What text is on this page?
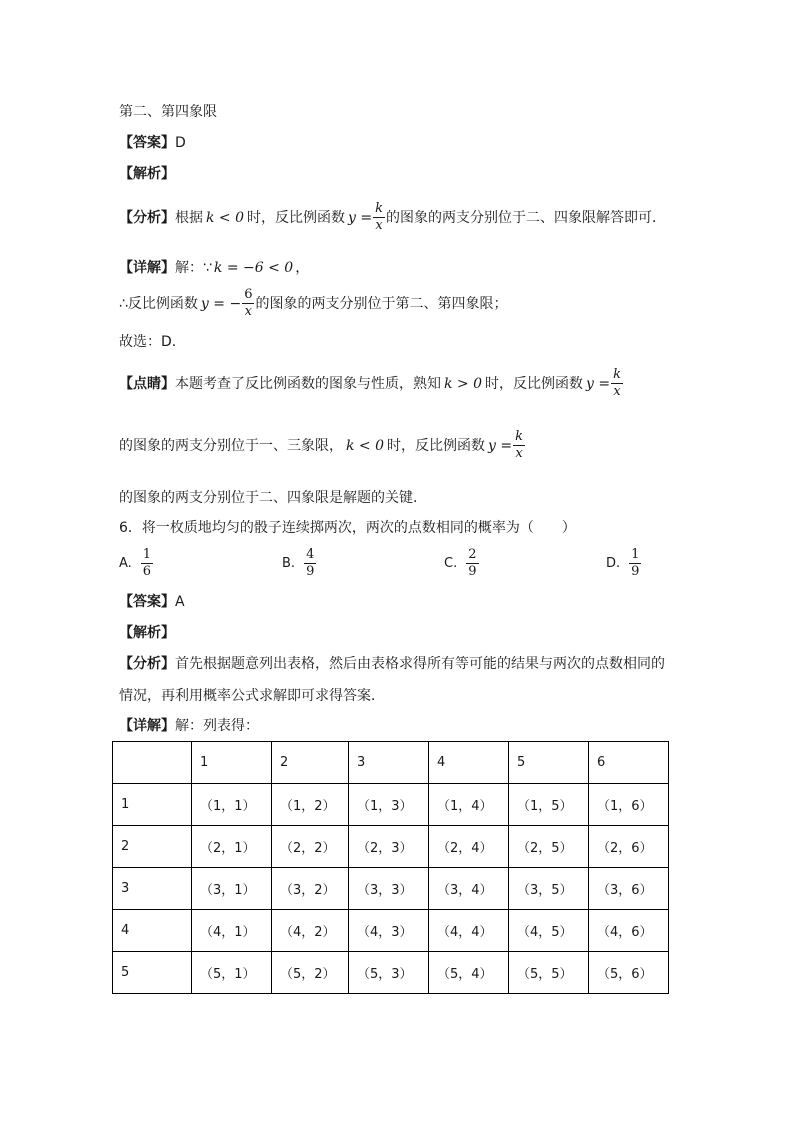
第二、第四象限
【答案】D
【解析】
【分析】 根据 k < 0 时，反比例函数 $y = \frac{k}{x}$ 的图象的两支分别位于二、四象限解答即可．
【详解】解：∵ k = −6 < 0 ，
∴反比例函数 y = − $\frac{6}{x}$ 的图象的两支分别位于第二、第四象限；
故选：D.
【点睛】 本题考查了反比例函数的图象与性质，熟知 k > 0 时，反比例函数 $y = \frac{k}{x}$
的图象的两支分别位于一、三象限， k < 0 时，反比例函数 $y = \frac{k}{x}$
的图象的两支分别位于二、四象限是解题的关键.
6．将一枚质地均匀的骰子连续掷两次，两次的点数相同的概率为（　　）
A. $\frac{1}{6}$	B. $\frac{4}{9}$	C. $\frac{2}{9}$	D. $\frac{1}{9}$
【答案】A
【解析】
【分析】首先根据题意列出表格，然后由表格求得所有等可能的结果与两次的点数相同的
情况，再利用概率公式求解即可求得答案．
【详解】解：列表得：
	1	2	3	4	5	6
1	（1，1）	（1，2）	（1，3）	（1，4）	（1，5）	（1，6）
2	（2，1）	（2，2）	（2，3）	（2，4）	（2，5）	（2，6）
3	（3，1）	（3，2）	（3，3）	（3，4）	（3，5）	（3，6）
4	（4，1）	（4，2）	（4，3）	（4，4）	（4，5）	（4，6）
5	（5，1）	（5，2）	（5，3）	（5，4）	（5，5）	（5，6）
